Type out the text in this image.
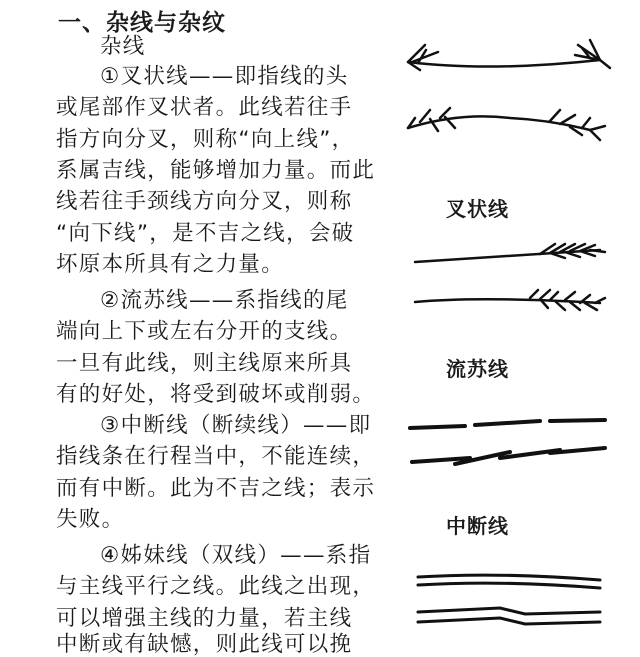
一、杂线与杂纹
杂线
①叉状线——即指线的头
或尾部作叉状者。此线若往手
指方向分叉，则称“向上线”，
系属吉线，能够增加力量。而此
线若往手颈线方向分叉，则称
“向下线”，是不吉之线，会破
坏原本所具有之力量。
②流苏线——系指线的尾
端向上下或左右分开的支线。
一旦有此线，则主线原来所具
有的好处，将受到破坏或削弱。
③中断线（断续线）——即
指线条在行程当中，不能连续，
而有中断。此为不吉之线；表示
失败。
④姊妹线（双线）——系指
与主线平行之线。此线之出现，
可以增强主线的力量，若主线
中断或有缺憾，则此线可以挽
叉状线
流苏线
中断线
